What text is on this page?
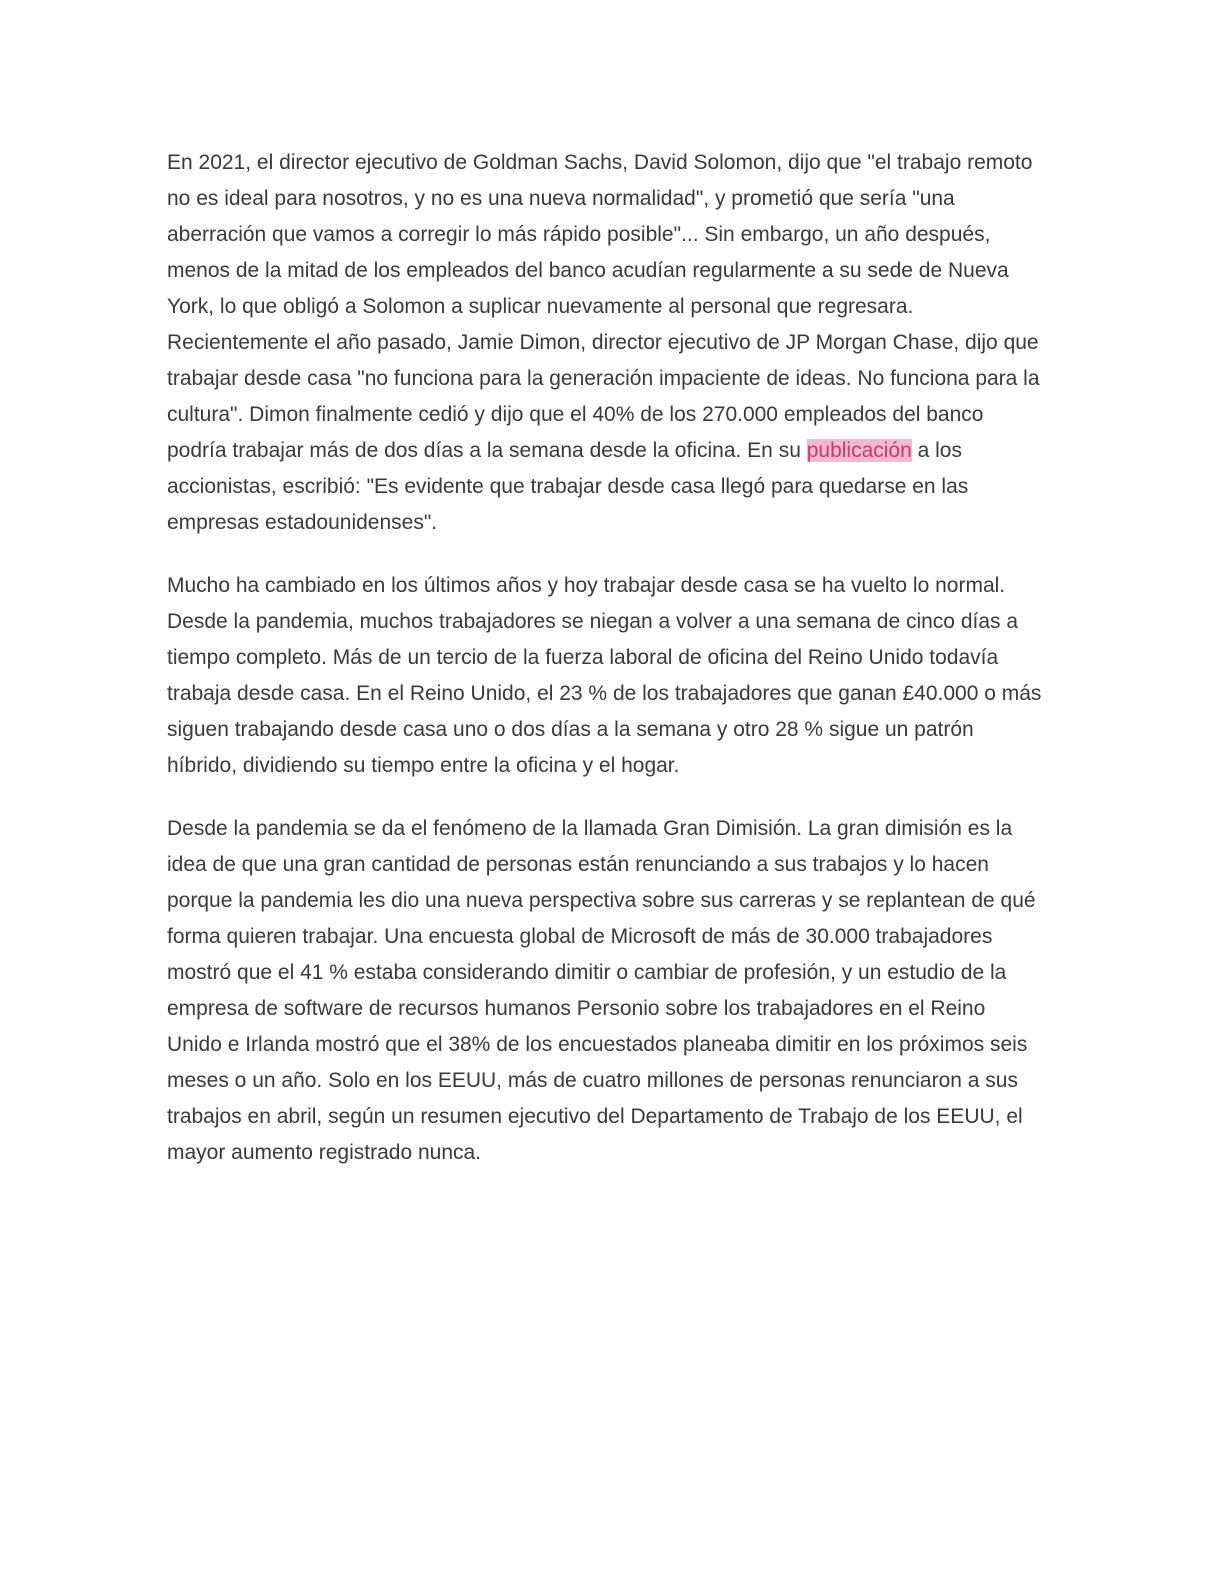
En 2021, el director ejecutivo de Goldman Sachs, David Solomon, dijo que "el trabajo remoto no es ideal para nosotros, y no es una nueva normalidad", y prometió que sería "una aberración que vamos a corregir lo más rápido posible"... Sin embargo, un año después, menos de la mitad de los empleados del banco acudían regularmente a su sede de Nueva York, lo que obligó a Solomon a suplicar nuevamente al personal que regresara. Recientemente el año pasado, Jamie Dimon, director ejecutivo de JP Morgan Chase, dijo que trabajar desde casa "no funciona para la generación impaciente de ideas. No funciona para la cultura". Dimon finalmente cedió y dijo que el 40% de los 270.000 empleados del banco podría trabajar más de dos días a la semana desde la oficina. En su publicación a los accionistas, escribió: "Es evidente que trabajar desde casa llegó para quedarse en las empresas estadounidenses".

Mucho ha cambiado en los últimos años y hoy trabajar desde casa se ha vuelto lo normal. Desde la pandemia, muchos trabajadores se niegan a volver a una semana de cinco días a tiempo completo. Más de un tercio de la fuerza laboral de oficina del Reino Unido todavía trabaja desde casa. En el Reino Unido, el 23 % de los trabajadores que ganan £40.000 o más siguen trabajando desde casa uno o dos días a la semana y otro 28 % sigue un patrón híbrido, dividiendo su tiempo entre la oficina y el hogar.

Desde la pandemia se da el fenómeno de la llamada Gran Dimisión. La gran dimisión es la idea de que una gran cantidad de personas están renunciando a sus trabajos y lo hacen porque la pandemia les dio una nueva perspectiva sobre sus carreras y se replantean de qué forma quieren trabajar. Una encuesta global de Microsoft de más de 30.000 trabajadores mostró que el 41 % estaba considerando dimitir o cambiar de profesión, y un estudio de la empresa de software de recursos humanos Personio sobre los trabajadores en el Reino Unido e Irlanda mostró que el 38% de los encuestados planeaba dimitir en los próximos seis meses o un año. Solo en los EEUU, más de cuatro millones de personas renunciaron a sus trabajos en abril, según un resumen ejecutivo del Departamento de Trabajo de los EEUU, el mayor aumento registrado nunca.
